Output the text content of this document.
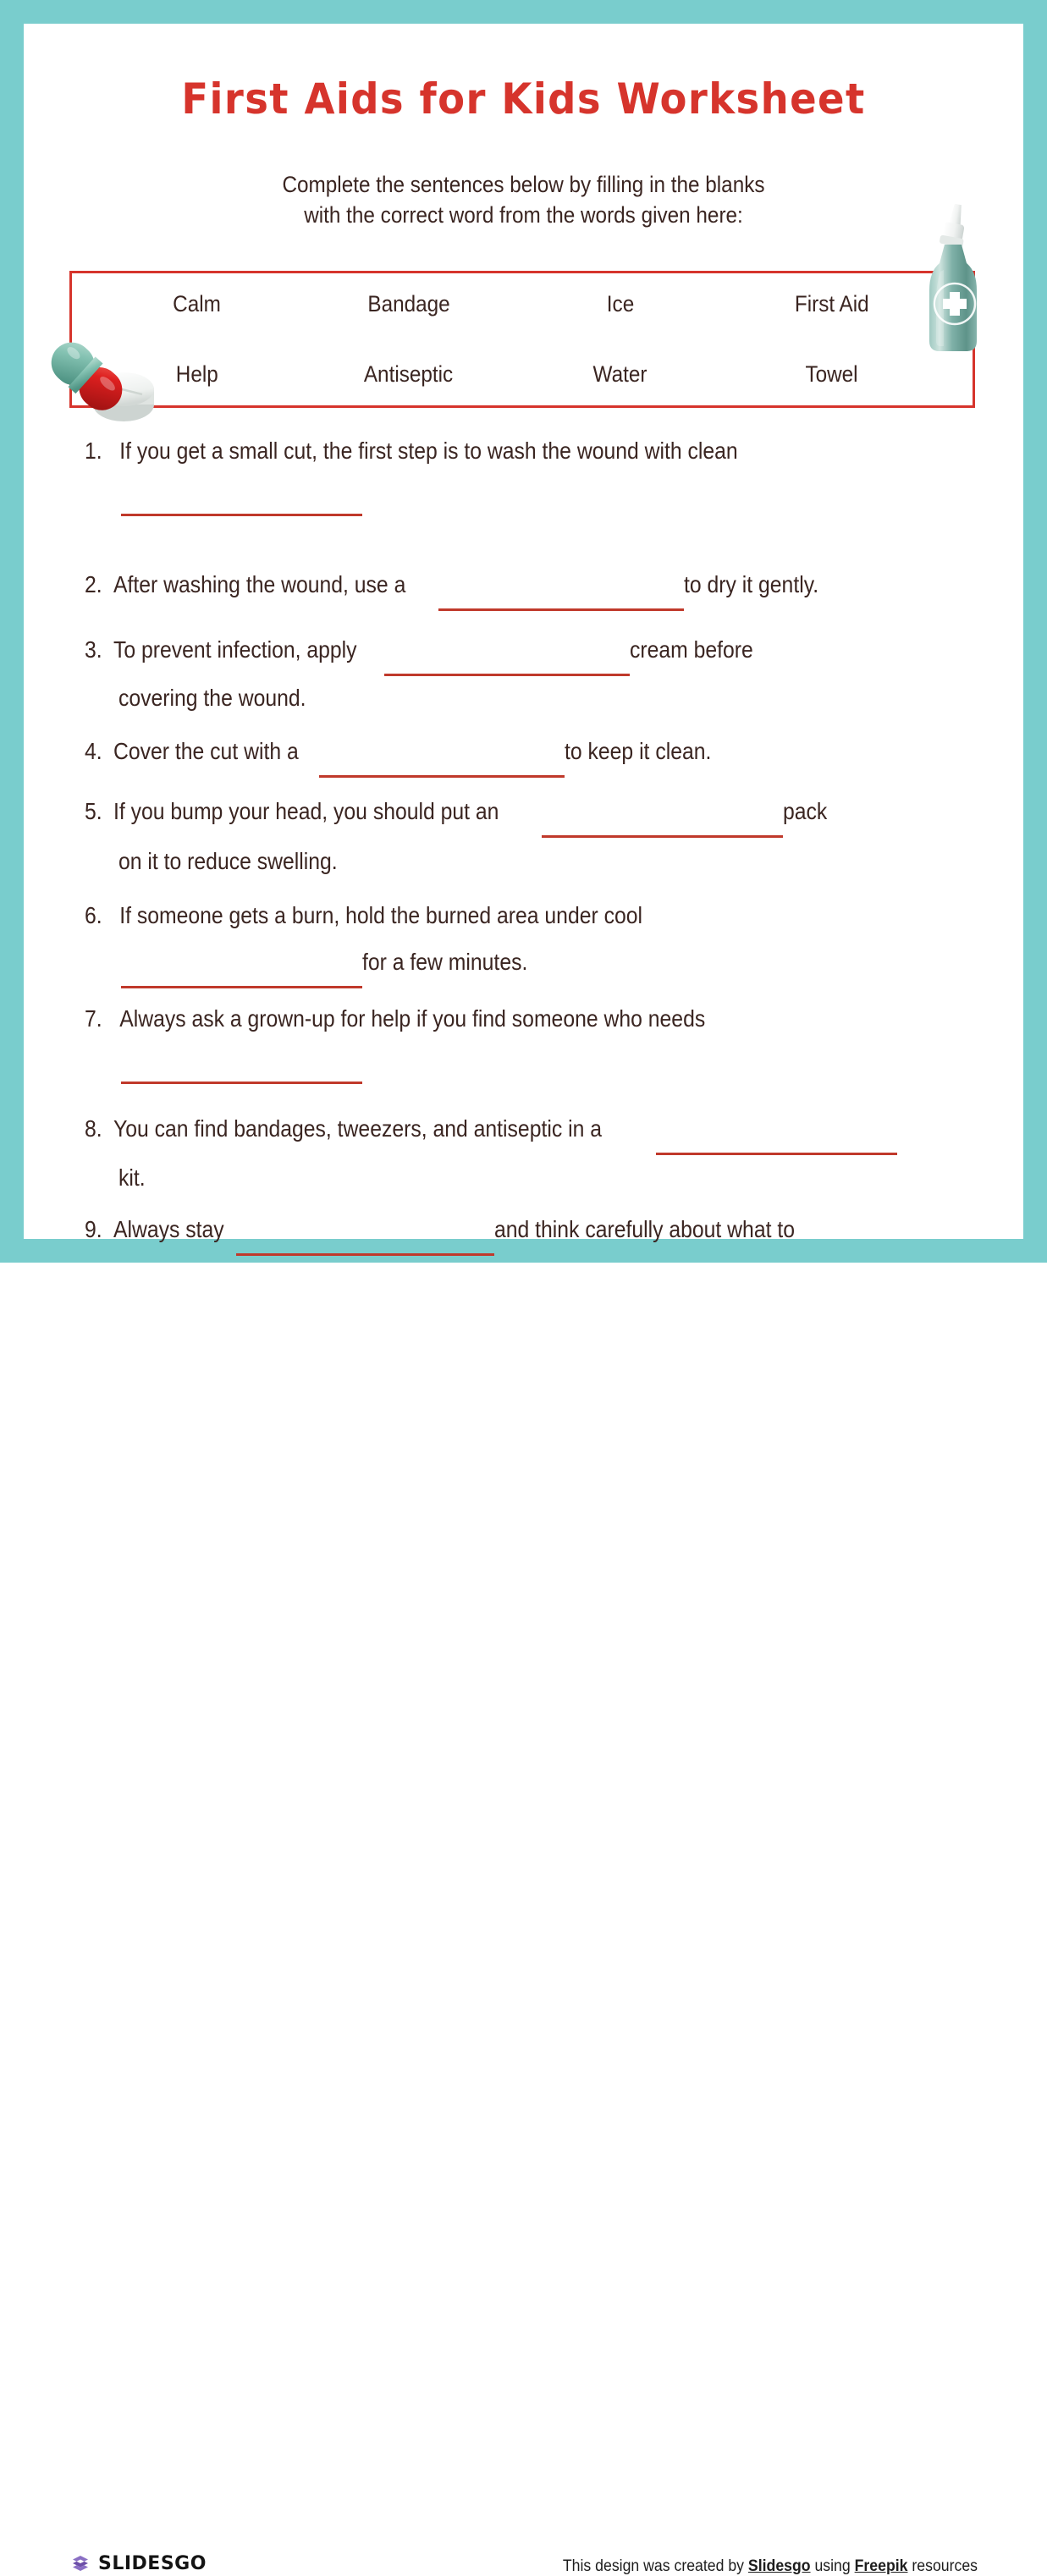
First Aids for Kids Worksheet
Complete the sentences below by filling in the blanks
with the correct word from the words given here:
Calm	Bandage	Ice	First Aid
Help	Antiseptic	Water	Towel
1. If you get a small cut, the first step is to wash the wound with clean
2. After washing the wound, use a
	to dry it gently.
3. To prevent infection, apply
	cream before
covering the wound.
4. Cover the cut with a
	to keep it clean.
5. If you bump your head, you should put an
	pack
on it to reduce swelling.
6. If someone gets a burn, hold the burned area under cool

for a few minutes.
7. Always ask a grown-up for help if you find someone who needs
8. You can find bandages, tweezers, and antiseptic in a

kit.
9. Always stay
	and think carefully about what to
SLIDESGO	This design was created by Slidesgo using Freepik resources
